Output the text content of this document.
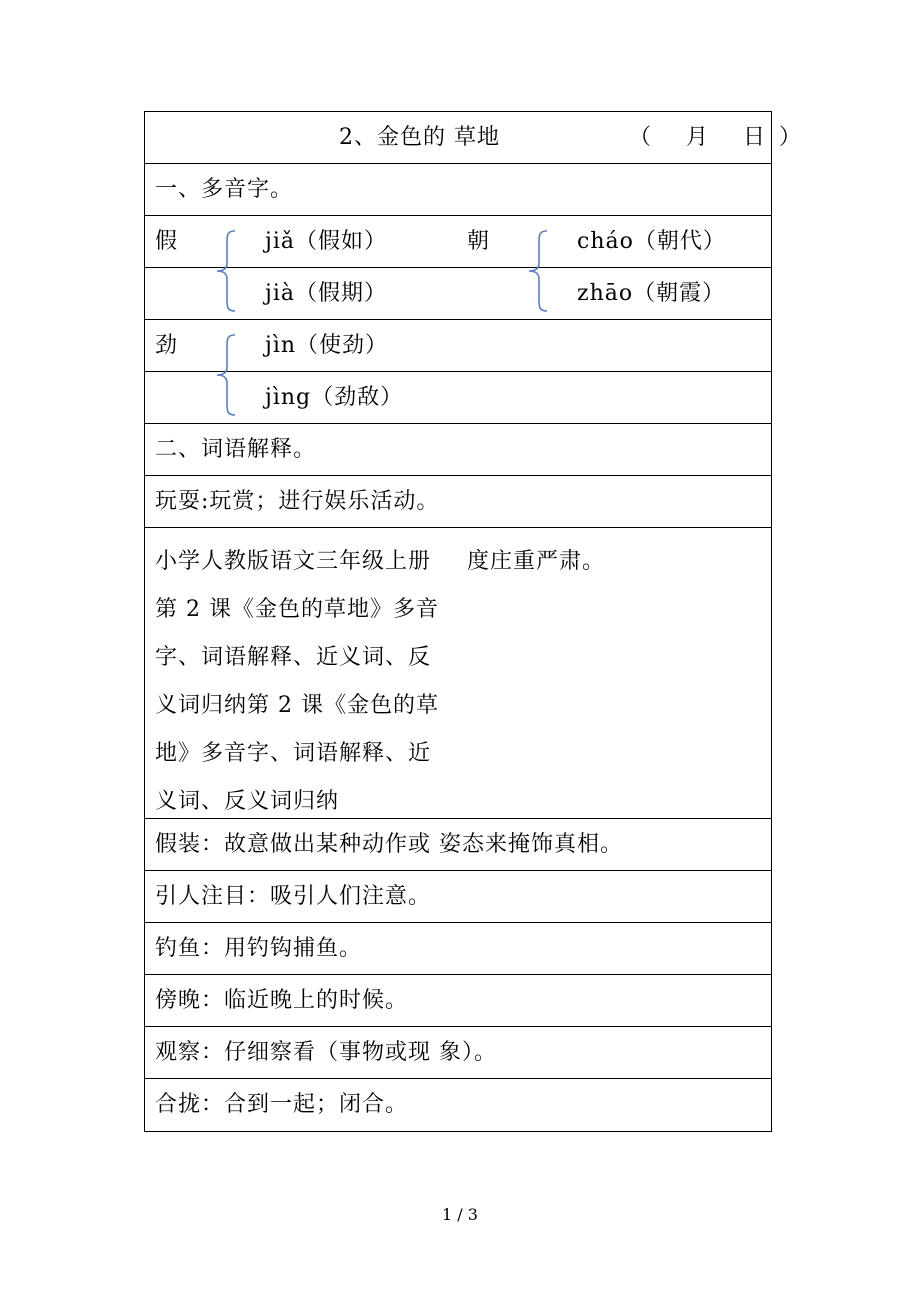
2、金色的 草地	（ 月 日）
一、多音字。
假	jiǎ（假如）	朝	cháo（朝代）
jià（假期）	zhāo（朝霞）
劲	jìn（使劲）
jìng（劲敌）
二、词语解释。
玩耍:玩赏；进行娱乐活动。
小学人教版语文三年级上册
第 2 课《金色的草地》多音
字、词语解释、近义词、反
义词归纳第 2 课《金色的草
地》多音字、词语解释、近
义词、反义词归纳
度庄重严肃。
假装：故意做出某种动作或 姿态来掩饰真相。
引人注目：吸引人们注意。
钓鱼：用钓钩捕鱼。
傍晚：临近晚上的时候。
观察：仔细察看（事物或现 象）。
合拢：合到一起；闭合。
1 / 3
